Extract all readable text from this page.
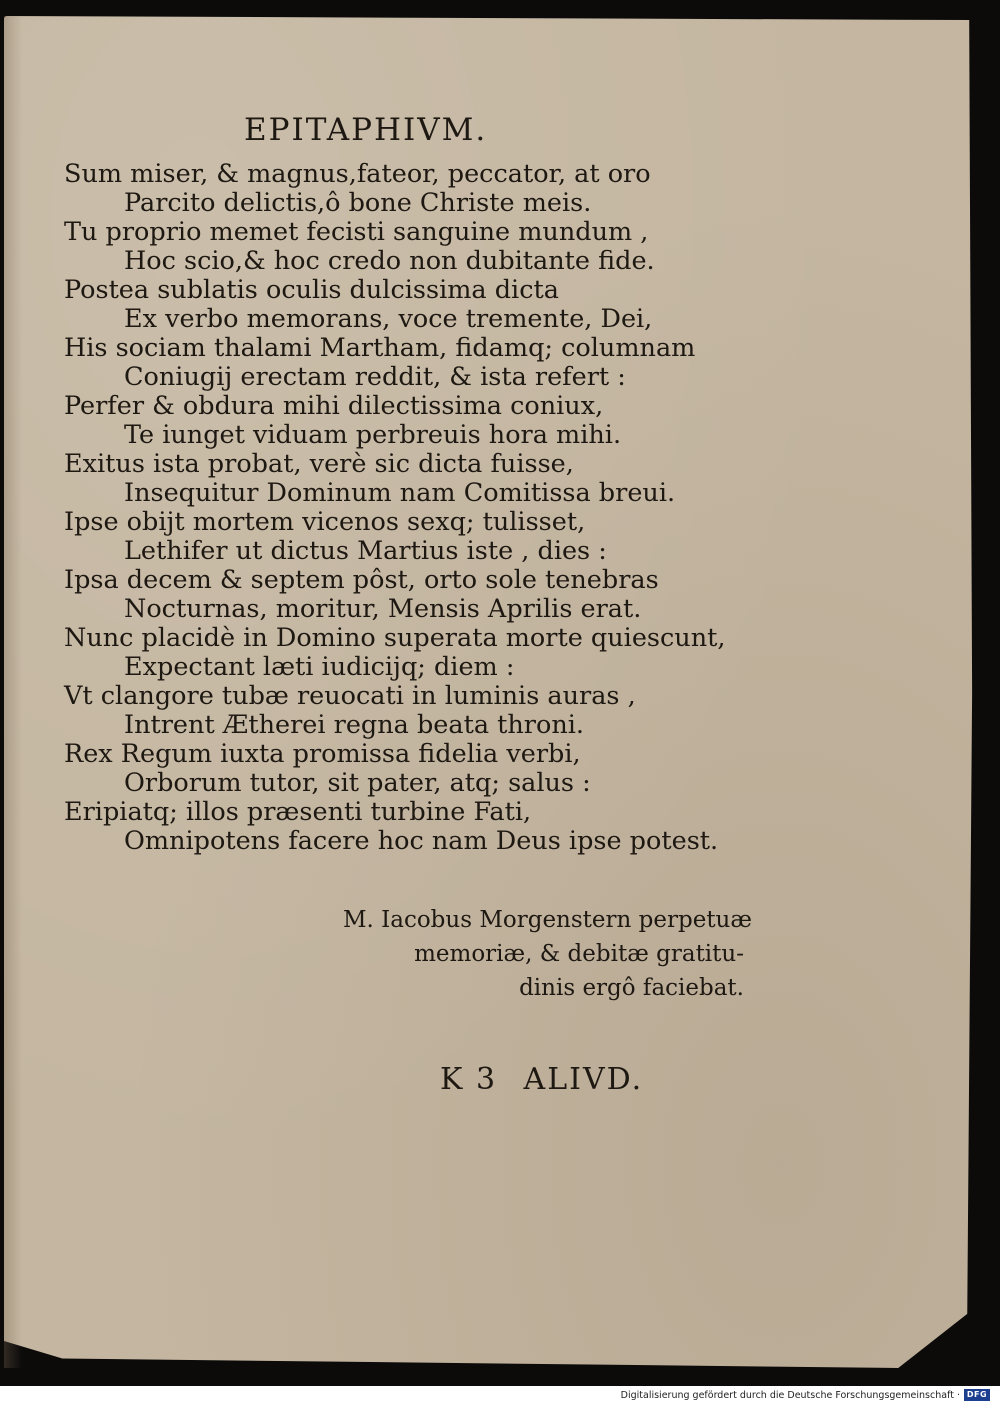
EPITAPHIVM.
Sum miser, & magnus,fateor, peccator, at oro
Parcito delictis,ô bone Christe meis.
Tu proprio memet fecisti sanguine mundum ,
Hoc scio,& hoc credo non dubitante fide.
Postea sublatis oculis dulcissima dicta
Ex verbo memorans, voce tremente, Dei,
His sociam thalami Martham, fidamq; columnam
Coniugij erectam reddit, & ista refert :
Perfer & obdura mihi dilectissima coniux,
Te iunget viduam perbreuis hora mihi.
Exitus ista probat, verè sic dicta fuisse,
Insequitur Dominum nam Comitissa breui.
Ipse obijt mortem vicenos sexq; tulisset,
Lethifer ut dictus Martius iste , dies :
Ipsa decem & septem pôst, orto sole tenebras
Nocturnas, moritur, Mensis Aprilis erat.
Nunc placidè in Domino superata morte quiescunt,
Expectant læti iudicijq; diem :
Vt clangore tubæ reuocati in luminis auras ,
Intrent Ætherei regna beata throni.
Rex Regum iuxta promissa fidelia verbi,
Orborum tutor, sit pater, atq; salus :
Eripiatq; illos præsenti turbine Fati,
Omnipotens facere hoc nam Deus ipse potest.
M. Iacobus Morgenstern perpetuæ
memoriæ, & debitæ gratitu-
dinis ergô faciebat.
K 3 ALIVD.
Digitalisierung gefördert durch die Deutsche Forschungsgemeinschaft · DFG
